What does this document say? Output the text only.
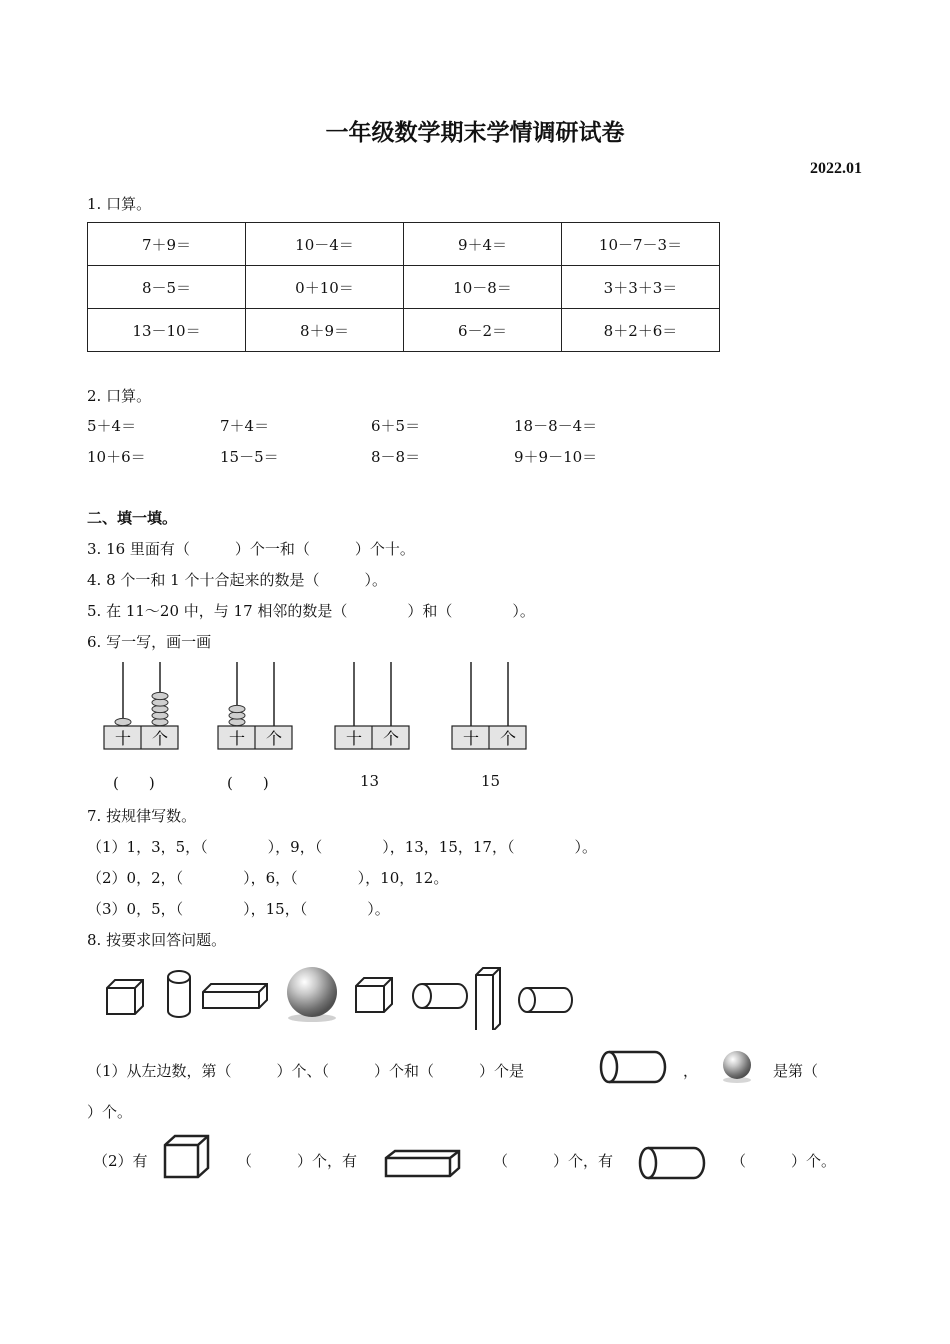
一年级数学期末学情调研试卷
2022.01
1. 口算。
7＋9＝	10－4＝	9＋4＝	10－7－3＝
8－5＝	0＋10＝	10－8＝	3＋3＋3＝
13－10＝	8＋9＝	6－2＝	8＋2＋6＝
2. 口算。
5＋4＝	7＋4＝	6＋5＝	18－8－4＝
10＋6＝	15－5＝	8－8＝	9＋9－10＝
二、填一填。
3. 16 里面有（　　　）个一和（　　　）个十。
4. 8 个一和 1 个十合起来的数是（　　　）。
5. 在 11～20 中，与 17 相邻的数是（　　　　）和（　　　　）。
6. 写一写，画一画
十 个	十 个	十 个	十 个
(　　)	(　　)	13	15
7. 按规律写数。
（1）1，3，5，（　　　　），9，（　　　　），13，15，17，（　　　　）。
（2）0，2，（　　　　），6，（　　　　），10，12。
（3）0，5，（　　　　），15，（　　　　）。
8. 按要求回答问题。
（1）从左边数，第（　　　）个、（　　　）个和（　　　）个是	，	是第（
）个。
（2）有	（　　　）个，有	（　　　）个，有	（　　　）个。
